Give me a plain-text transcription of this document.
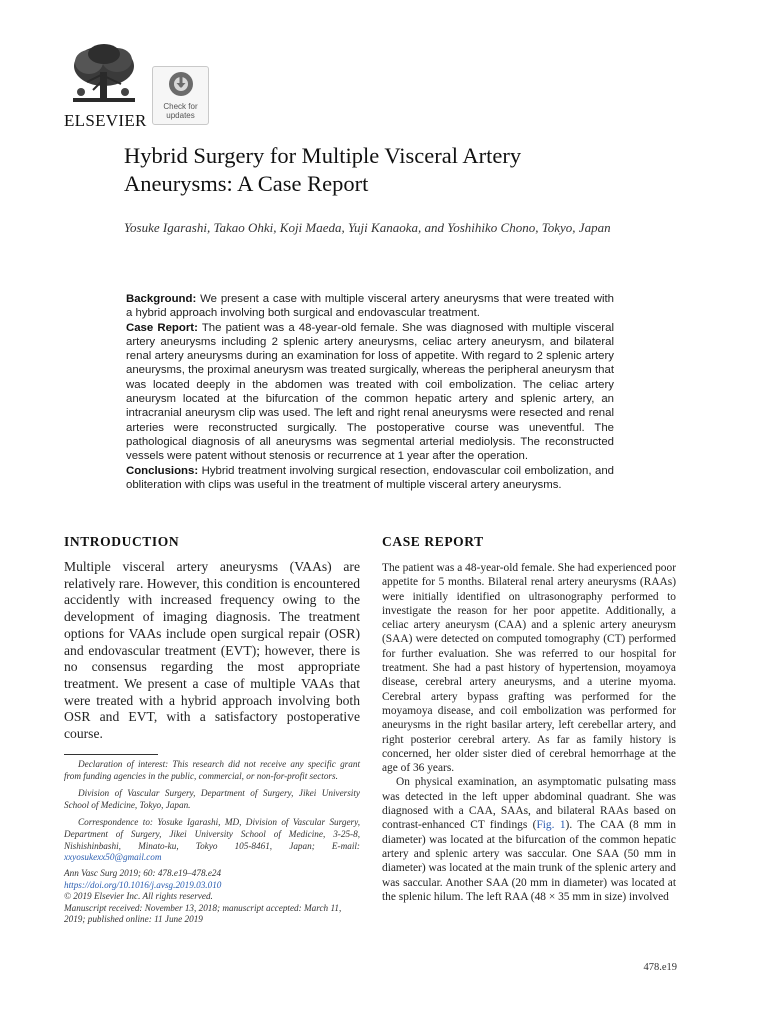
ELSEVIER
Check for
updates
Hybrid Surgery for Multiple Visceral Artery
Aneurysms: A Case Report
Yosuke Igarashi, Takao Ohki, Koji Maeda, Yuji Kanaoka, and Yoshihiko Chono, Tokyo, Japan

Background: We present a case with multiple visceral artery aneurysms that were treated with a hybrid approach involving both surgical and endovascular treatment.

Case Report: The patient was a 48-year-old female. She was diagnosed with multiple visceral artery aneurysms including 2 splenic artery aneurysms, celiac artery aneurysm, and bilateral renal artery aneurysms during an examination for loss of appetite. With regard to 2 splenic artery aneurysms, the proximal aneurysm was treated surgically, whereas the peripheral aneurysm that was located deeply in the abdomen was treated with coil embolization. The celiac artery aneurysm located at the bifurcation of the common hepatic artery and splenic artery, an intracranial aneurysm clip was used. The left and right renal aneurysms were resected and renal arteries were reconstructed surgically. The postoperative course was uneventful. The pathological diagnosis of all aneurysms was segmental arterial mediolysis. The reconstructed vessels were patent without stenosis or recurrence at 1 year after the operation.

Conclusions: Hybrid treatment involving surgical resection, endovascular coil embolization, and obliteration with clips was useful in the treatment of multiple visceral artery aneurysms.

INTRODUCTION
Multiple visceral artery aneurysms (VAAs) are relatively rare. However, this condition is encountered accidently with increased frequency owing to the development of imaging diagnosis. The treatment options for VAAs include open surgical repair (OSR) and endovascular treatment (EVT); however, there is no consensus regarding the most appropriate treatment. We present a case of multiple VAAs that were treated with a hybrid approach involving both OSR and EVT, with a satisfactory postoperative course.

Declaration of interest: This research did not receive any specific grant from funding agencies in the public, commercial, or non-for-profit sectors.

Division of Vascular Surgery, Department of Surgery, Jikei University School of Medicine, Tokyo, Japan.

Correspondence to: Yosuke Igarashi, MD, Division of Vascular Surgery, Department of Surgery, Jikei University School of Medicine, 3-25-8, Nishishinbashi, Minato-ku, Tokyo 105-8461, Japan; E-mail: xxyosukexx50@gmail.com

Ann Vasc Surg 2019; 60: 478.e19–478.e24
https://doi.org/10.1016/j.avsg.2019.03.010
© 2019 Elsevier Inc. All rights reserved.
Manuscript received: November 13, 2018; manuscript accepted: March 11, 2019; published online: 11 June 2019
CASE REPORT

The patient was a 48-year-old female. She had experienced poor appetite for 5 months. Bilateral renal artery aneurysms (RAAs) were initially identified on ultrasonography performed to investigate the reason for her poor appetite. Additionally, a celiac artery aneurysm (CAA) and a splenic artery aneurysm (SAA) were detected on computed tomography (CT) performed for further evaluation. She was referred to our hospital for treatment. She had a past history of hypertension, moyamoya disease, cerebral artery aneurysms, and a uterine myoma. Cerebral artery bypass grafting was performed for the moyamoya disease, and coil embolization was performed for aneurysms in the right basilar artery, left cerebellar artery, and right posterior cerebral artery. As far as family history is concerned, her older sister died of cerebral hemorrhage at the age of 36 years.

On physical examination, an asymptomatic pulsating mass was detected in the left upper abdominal quadrant. She was diagnosed with a CAA, SAAs, and bilateral RAAs based on contrast-enhanced CT findings (Fig. 1). The CAA (8 mm in diameter) was located at the bifurcation of the common hepatic artery and splenic artery was saccular. One SAA (50 mm in diameter) was located at the main trunk of the splenic artery and was saccular. Another SAA (20 mm in diameter) was located at the splenic hilum. The left RAA (48 × 35 mm in size) involved

478.e19
